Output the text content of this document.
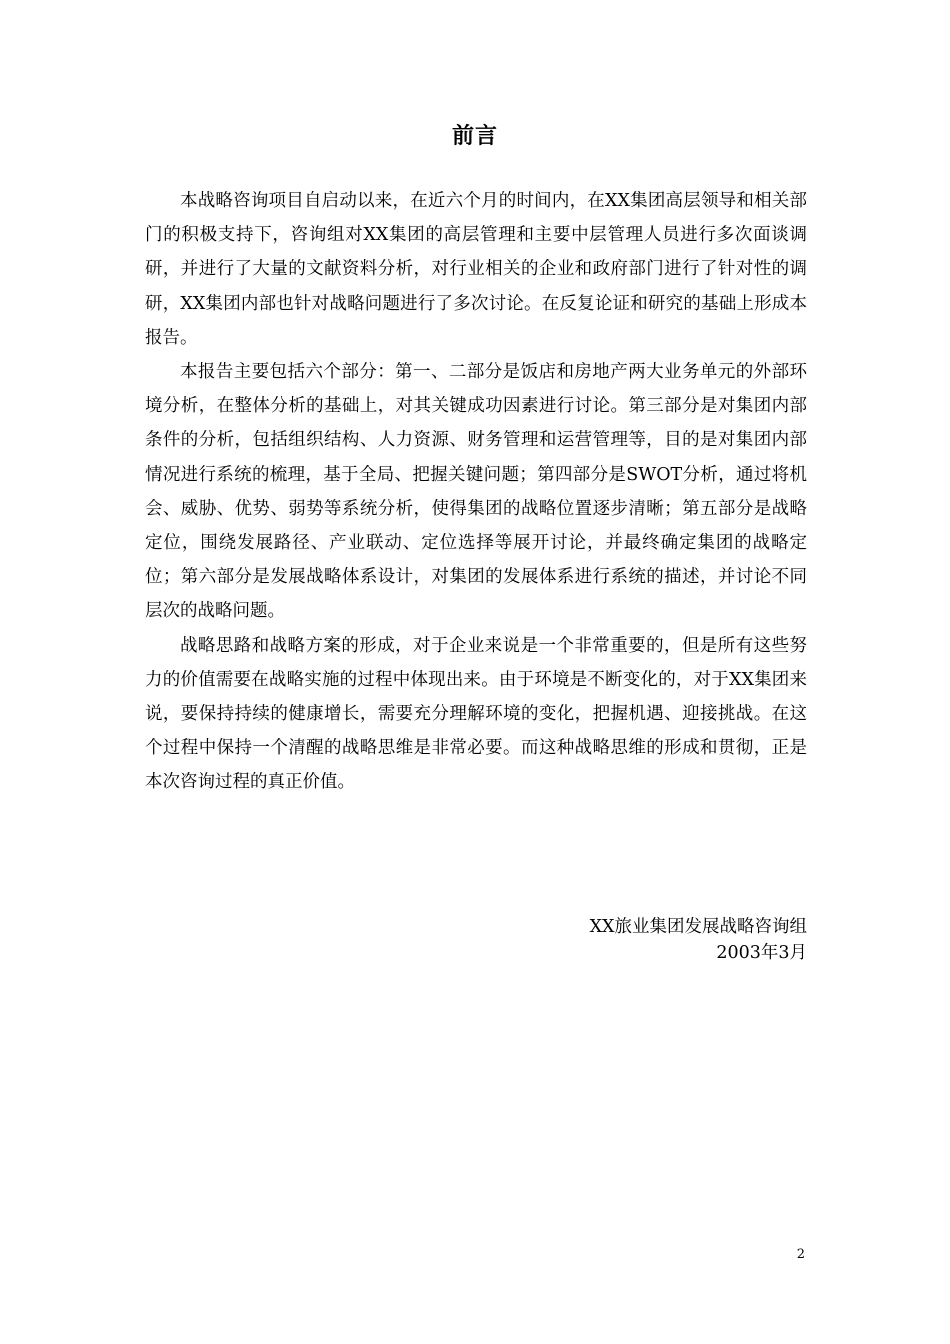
前言

本战略咨询项目自启动以来，在近六个月的时间内，在XX集团高层领导和相关部门的积极支持下，咨询组对XX集团的高层管理和主要中层管理人员进行多次面谈调研，并进行了大量的文献资料分析，对行业相关的企业和政府部门进行了针对性的调研，XX集团内部也针对战略问题进行了多次讨论。在反复论证和研究的基础上形成本报告。

本报告主要包括六个部分：第一、二部分是饭店和房地产两大业务单元的外部环境分析，在整体分析的基础上，对其关键成功因素进行讨论。第三部分是对集团内部条件的分析，包括组织结构、人力资源、财务管理和运营管理等，目的是对集团内部情况进行系统的梳理，基于全局、把握关键问题；第四部分是SWOT分析，通过将机会、威胁、优势、弱势等系统分析，使得集团的战略位置逐步清晰；第五部分是战略定位，围绕发展路径、产业联动、定位选择等展开讨论，并最终确定集团的战略定位；第六部分是发展战略体系设计，对集团的发展体系进行系统的描述，并讨论不同层次的战略问题。

战略思路和战略方案的形成，对于企业来说是一个非常重要的，但是所有这些努力的价值需要在战略实施的过程中体现出来。由于环境是不断变化的，对于XX集团来说，要保持持续的健康增长，需要充分理解环境的变化，把握机遇、迎接挑战。在这个过程中保持一个清醒的战略思维是非常必要。而这种战略思维的形成和贯彻，正是本次咨询过程的真正价值。

XX旅业集团发展战略咨询组
2003年3月
2
